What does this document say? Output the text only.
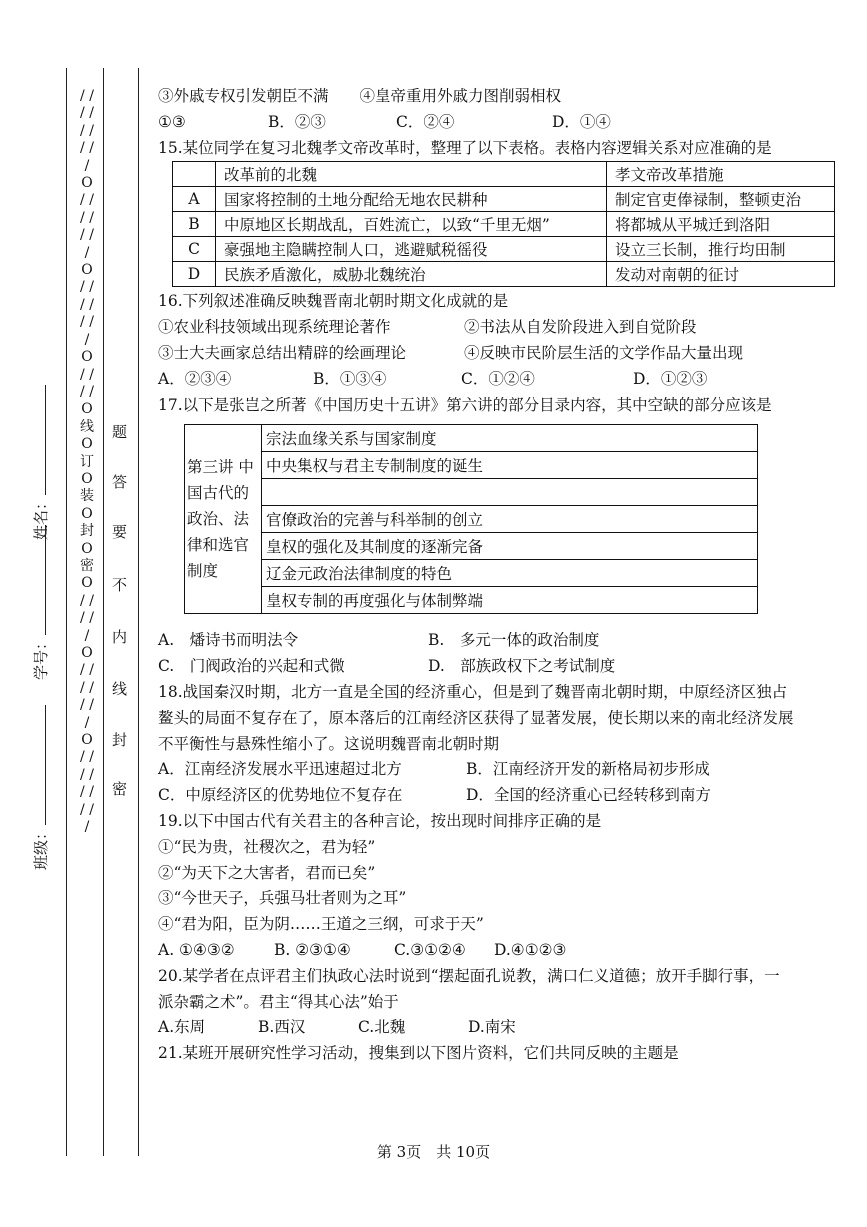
/ / / / / / / / / O / / / / / / / O / / / / / / / O / / / / O 线 O 订 O 装 O 封 O 密 O / / / / / O / / / / / / / O / / / / / / / / /
题
答
要
不
内
线
封
密
姓名：
学号：
班级：
③外戚专权引发朝臣不满　　④皇帝重用外戚力图削弱相权
①③	B．②③	C．②④	D．①④
15.某位同学在复习北魏孝文帝改革时，整理了以下表格。表格内容逻辑关系对应准确的是
	改革前的北魏	孝文帝改革措施
A	国家将控制的土地分配给无地农民耕种	制定官吏俸禄制，整顿吏治
B	中原地区长期战乱，百姓流亡，以致“千里无烟”	将都城从平城迁到洛阳
C	豪强地主隐瞒控制人口，逃避赋税徭役	设立三长制，推行均田制
D	民族矛盾激化，威胁北魏统治	发动对南朝的征讨
16.下列叙述准确反映魏晋南北朝时期文化成就的是
①农业科技领域出现系统理论著作	②书法从自发阶段进入到自觉阶段
③士大夫画家总结出精辟的绘画理论	④反映市民阶层生活的文学作品大量出现
A．②③④	B．①③④	C．①②④	D．①②③
17.以下是张岂之所著《中国历史十五讲》第六讲的部分目录内容，其中空缺的部分应该是
第三讲 中国古代的政治、法律和选官制度	宗法血缘关系与国家制度
中央集权与君主专制制度的诞生

官僚政治的完善与科举制的创立
皇权的强化及其制度的逐渐完备
辽金元政治法律制度的特色
皇权专制的再度强化与体制弊端
A.　燔诗书而明法令	B.　多元一体的政治制度
C.　门阀政治的兴起和式微	D.　部族政权下之考试制度
18.战国秦汉时期，北方一直是全国的经济重心，但是到了魏晋南北朝时期，中原经济区独占
鳌头的局面不复存在了，原本落后的江南经济区获得了显著发展，使长期以来的南北经济发展
不平衡性与悬殊性缩小了。这说明魏晋南北朝时期
A．江南经济发展水平迅速超过北方	B．江南经济开发的新格局初步形成
C．中原经济区的优势地位不复存在	D．全国的经济重心已经转移到南方
19.以下中国古代有关君主的各种言论，按出现时间排序正确的是
①“民为贵，社稷次之，君为轻”
②“为天下之大害者，君而已矣”
③“今世天子，兵强马壮者则为之耳”
④“君为阳，臣为阴……王道之三纲，可求于天”
A. ①④③②	B. ②③①④	C.③①②④	D.④①②③
20.某学者在点评君主们执政心法时说到“摆起面孔说教，满口仁义道德；放开手脚行事，一
派杂霸之术”。君主“得其心法”始于
A.东周	B.西汉	C.北魏	D.南宋
21.某班开展研究性学习活动，搜集到以下图片资料，它们共同反映的主题是
第 3页　共 10页
